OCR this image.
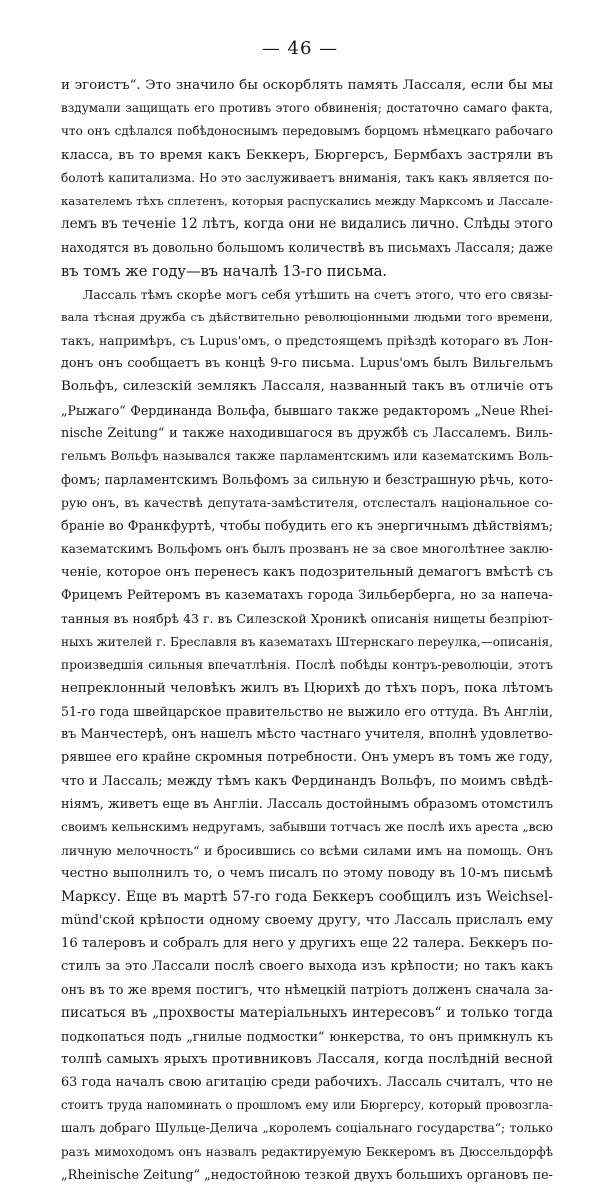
— 46 —
и эгоистъ“. Это значило бы оскорблять память Лассаля, если бы мы
вздумали защищать его противъ этого обвиненія; достаточно самаго факта,
что онъ сдѣлался побѣдоноснымъ передовымъ борцомъ нѣмецкаго рабочаго
класса, въ то время какъ Беккеръ, Бюргерсъ, Бермбахъ застряли въ
болотѣ капитализма. Но это заслуживаетъ вниманія, такъ какъ является по-
казателемъ тѣхъ сплетенъ, которыя распускались между Марксомъ и Лассале-
лемъ въ теченіе 12 лѣтъ, когда они не видались лично. Слѣды этого
находятся въ довольно большомъ количествѣ въ письмахъ Лассаля; даже
въ томъ же году—въ началѣ 13-го письма.
Лассаль тѣмъ скорѣе могъ себя утѣшить на счетъ этого, что его связы-
вала тѣсная дружба съ дѣйствительно революціонными людьми того времени,
такъ, напримѣръ, съ Lupus'омъ, о предстоящемъ пріѣздѣ котораго въ Лон-
донъ онъ сообщаетъ въ концѣ 9-го письма. Lupus'омъ былъ Вильгельмъ
Вольфъ, силезскій землякъ Лассаля, названный такъ въ отличіе отъ
„Рыжаго“ Фердинанда Вольфа, бывшаго также редакторомъ „Neue Rhei-
nische Zeitung“ и также находившагося въ дружбѣ съ Лассалемъ. Виль-
гельмъ Вольфъ назывался также парламентскимъ или казематскимъ Воль-
фомъ; парламентскимъ Вольфомъ за сильную и безстрашную рѣчь, кото-
рую онъ, въ качествѣ депутата-замѣстителя, отслесталъ національное со-
браніе во Франкфуртѣ, чтобы побудить его къ энергичнымъ дѣйствіямъ;
казематскимъ Вольфомъ онъ былъ прозванъ не за свое многолѣтнее заклю-
ченіе, которое онъ перенесъ какъ подозрительный демагогъ вмѣстѣ съ
Фрицемъ Рейтеромъ въ казематахъ города Зильберберга, но за напеча-
танныя въ ноябрѣ 43 г. въ Силезской Хроникѣ описанія нищеты безпріют-
ныхъ жителей г. Бреславля въ казематахъ Штернскаго переулка,—описанія,
произведшія сильныя впечатлѣнія. Послѣ побѣды контръ-революціи, этотъ
непреклонный человѣкъ жилъ въ Цюрихѣ до тѣхъ поръ, пока лѣтомъ
51-го года швейцарское правительство не выжило его оттуда. Въ Англіи,
въ Манчестерѣ, онъ нашелъ мѣсто частнаго учителя, вполнѣ удовлетво-
рявшее его крайне скромныя потребности. Онъ умеръ въ томъ же году,
что и Лассаль; между тѣмъ какъ Фердинандъ Вольфъ, по моимъ свѣдѣ-
ніямъ, живетъ еще въ Англіи. Лассаль достойнымъ образомъ отомстилъ
своимъ кельнскимъ недругамъ, забывши тотчасъ же послѣ ихъ ареста „всю
личную мелочность“ и бросившись со всѣми силами имъ на помощь. Онъ
честно выполнилъ то, о чемъ писалъ по этому поводу въ 10-мъ письмѣ
Марксу. Еще въ мартѣ 57-го года Беккеръ сообщилъ изъ Weichsel-
münd'ской крѣпости одному своему другу, что Лассаль прислалъ ему
16 талеровъ и собралъ для него у другихъ еще 22 талера. Беккеръ по-
стилъ за это Лассали послѣ своего выхода изъ крѣпости; но такъ какъ
онъ въ то же время постигъ, что нѣмецкій патріотъ долженъ сначала за-
писаться въ „прохвосты матеріальныхъ интересовъ“ и только тогда
подкопаться подъ „гнилые подмостки“ юнкерства, то онъ примкнулъ къ
толпѣ самыхъ ярыхъ противниковъ Лассаля, когда послѣдній весной
63 года началъ свою агитацію среди рабочихъ. Лассаль считалъ, что не
стоитъ труда напоминать о прошломъ ему или Бюргерсу, который провозгла-
шалъ добраго Шульце-Делича „королемъ соціальнаго государства“; только
разъ мимоходомъ онъ назвалъ редактируемую Беккеромъ въ Дюссельдорфѣ
„Rheinische Zeitung“ „недостойною тезкой двухъ большихъ органовъ пе-
